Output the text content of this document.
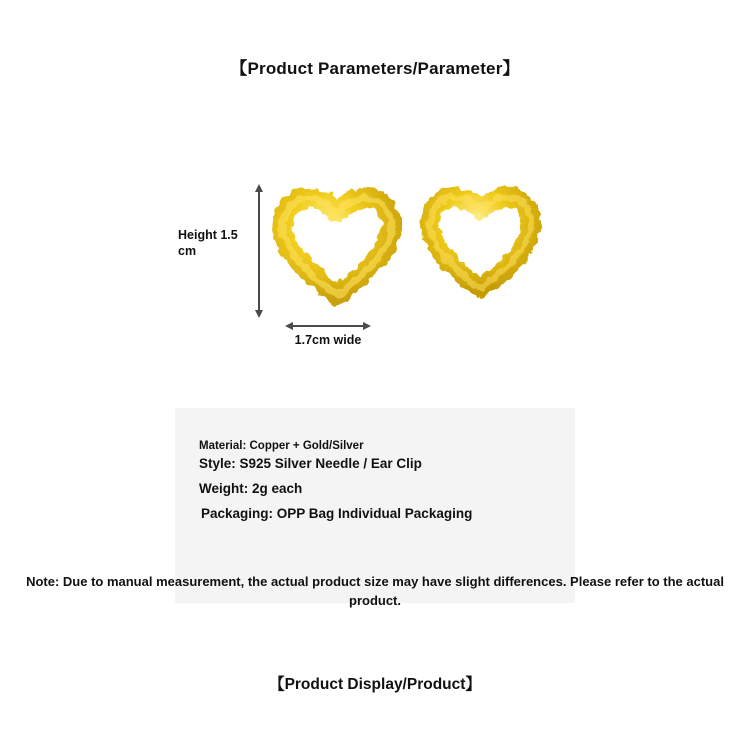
【Product Parameters/Parameter】
Height 1.5 cm
1.7cm wide
Material: Copper + Gold/Silver
Style: S925 Silver Needle / Ear Clip
Weight: 2g each
Packaging: OPP Bag Individual Packaging
Note: Due to manual measurement, the actual product size may have slight differences. Please refer to the actual product.
【Product Display/Product】
